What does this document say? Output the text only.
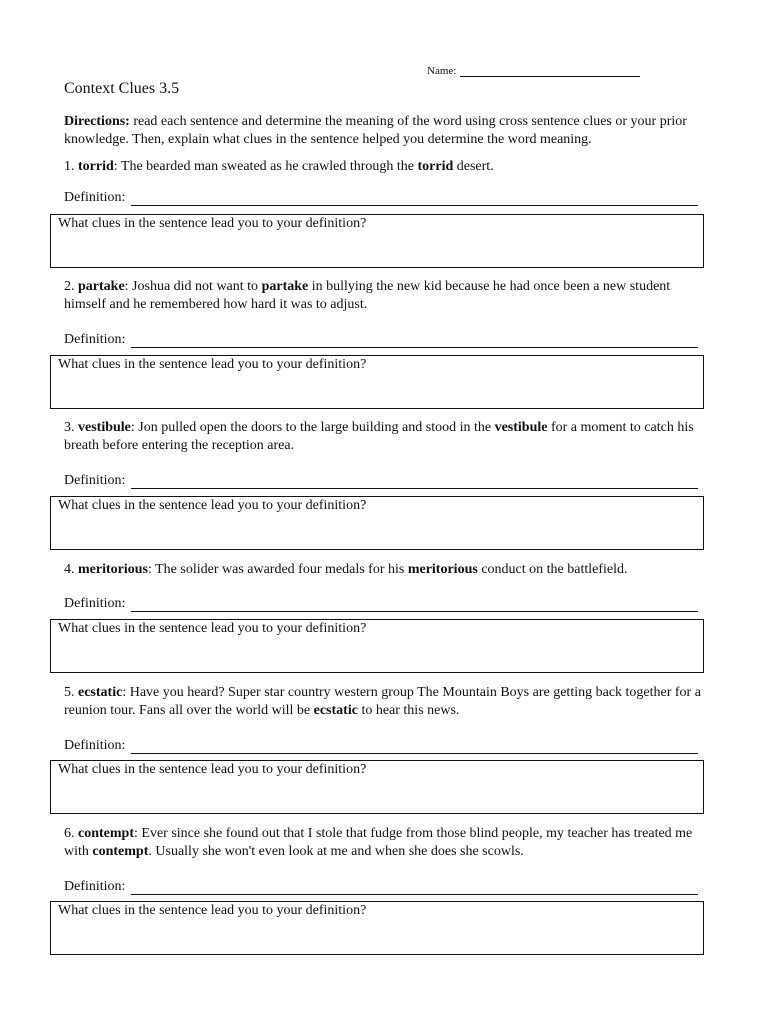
Name:
Context Clues 3.5
Directions: read each sentence and determine the meaning of the word using cross sentence clues or your prior knowledge. Then, explain what clues in the sentence helped you determine the word meaning.
1. torrid: The bearded man sweated as he crawled through the torrid desert.
Definition:
What clues in the sentence lead you to your definition?
2. partake: Joshua did not want to partake in bullying the new kid because he had once been a new student himself and he remembered how hard it was to adjust.
Definition:
What clues in the sentence lead you to your definition?
3. vestibule: Jon pulled open the doors to the large building and stood in the vestibule for a moment to catch his breath before entering the reception area.
Definition:
What clues in the sentence lead you to your definition?
4. meritorious: The solider was awarded four medals for his meritorious conduct on the battlefield.
Definition:
What clues in the sentence lead you to your definition?
5. ecstatic: Have you heard? Super star country western group The Mountain Boys are getting back together for a reunion tour. Fans all over the world will be ecstatic to hear this news.
Definition:
What clues in the sentence lead you to your definition?
6. contempt: Ever since she found out that I stole that fudge from those blind people, my teacher has treated me with contempt. Usually she won't even look at me and when she does she scowls.
Definition:
What clues in the sentence lead you to your definition?
